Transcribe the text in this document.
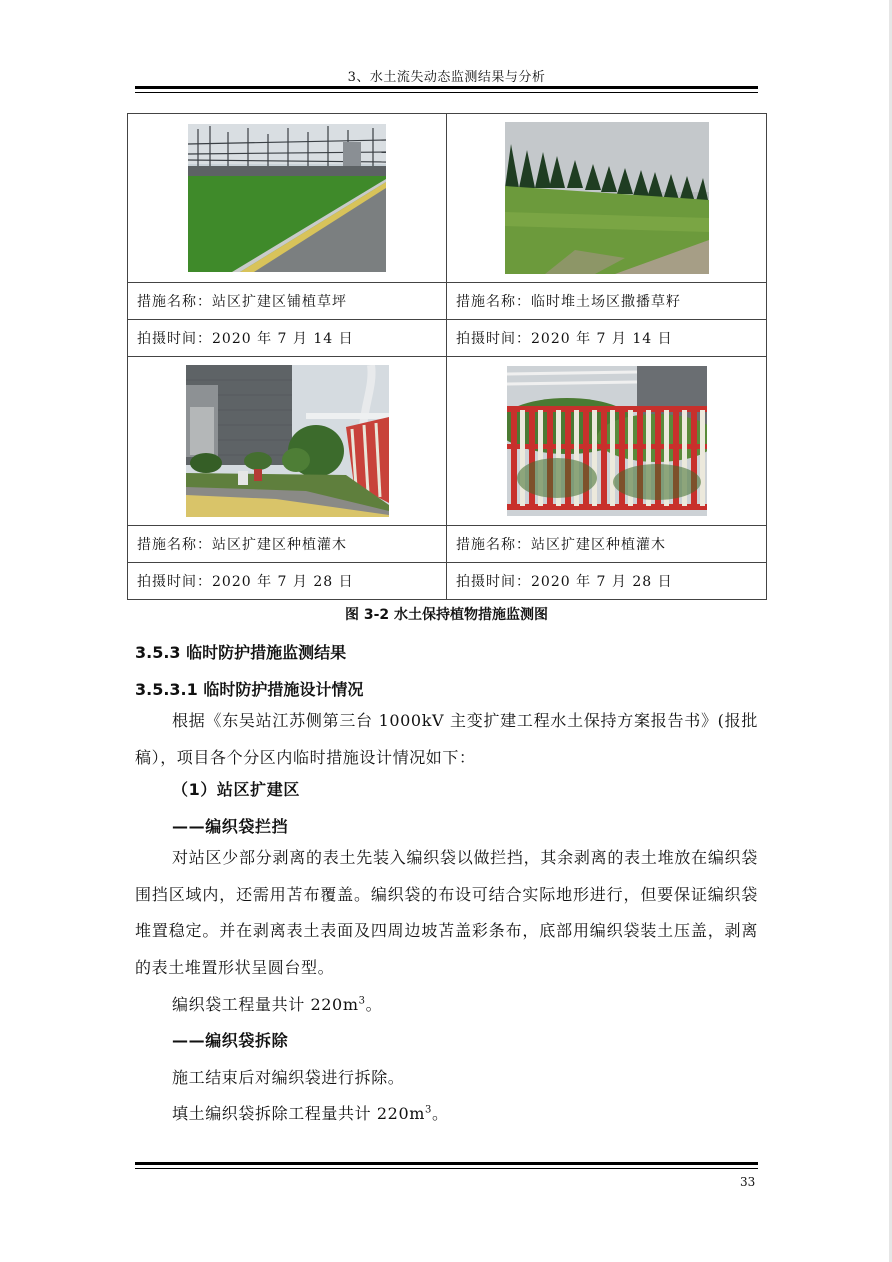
3、水土流失动态监测结果与分析

措施名称：站区扩建区铺植草坪	措施名称：临时堆土场区撒播草籽
拍摄时间：2020 年 7 月 14 日	拍摄时间：2020 年 7 月 14 日

措施名称：站区扩建区种植灌木	措施名称：站区扩建区种植灌木
拍摄时间：2020 年 7 月 28 日	拍摄时间：2020 年 7 月 28 日
图 3-2 水土保持植物措施监测图
3.5.3 临时防护措施监测结果
3.5.3.1 临时防护措施设计情况
根据《东吴站江苏侧第三台 1000kV 主变扩建工程水土保持方案报告书》(报批稿），项目各个分区内临时措施设计情况如下：
（1）站区扩建区
——编织袋拦挡
对站区少部分剥离的表土先装入编织袋以做拦挡，其余剥离的表土堆放在编织袋围挡区域内，还需用苫布覆盖。编织袋的布设可结合实际地形进行，但要保证编织袋堆置稳定。并在剥离表土表面及四周边坡苫盖彩条布，底部用编织袋装土压盖，剥离的表土堆置形状呈圆台型。
编织袋工程量共计 $220m^3$。
——编织袋拆除
施工结束后对编织袋进行拆除。
填土编织袋拆除工程量共计 $220m^3$。
33
